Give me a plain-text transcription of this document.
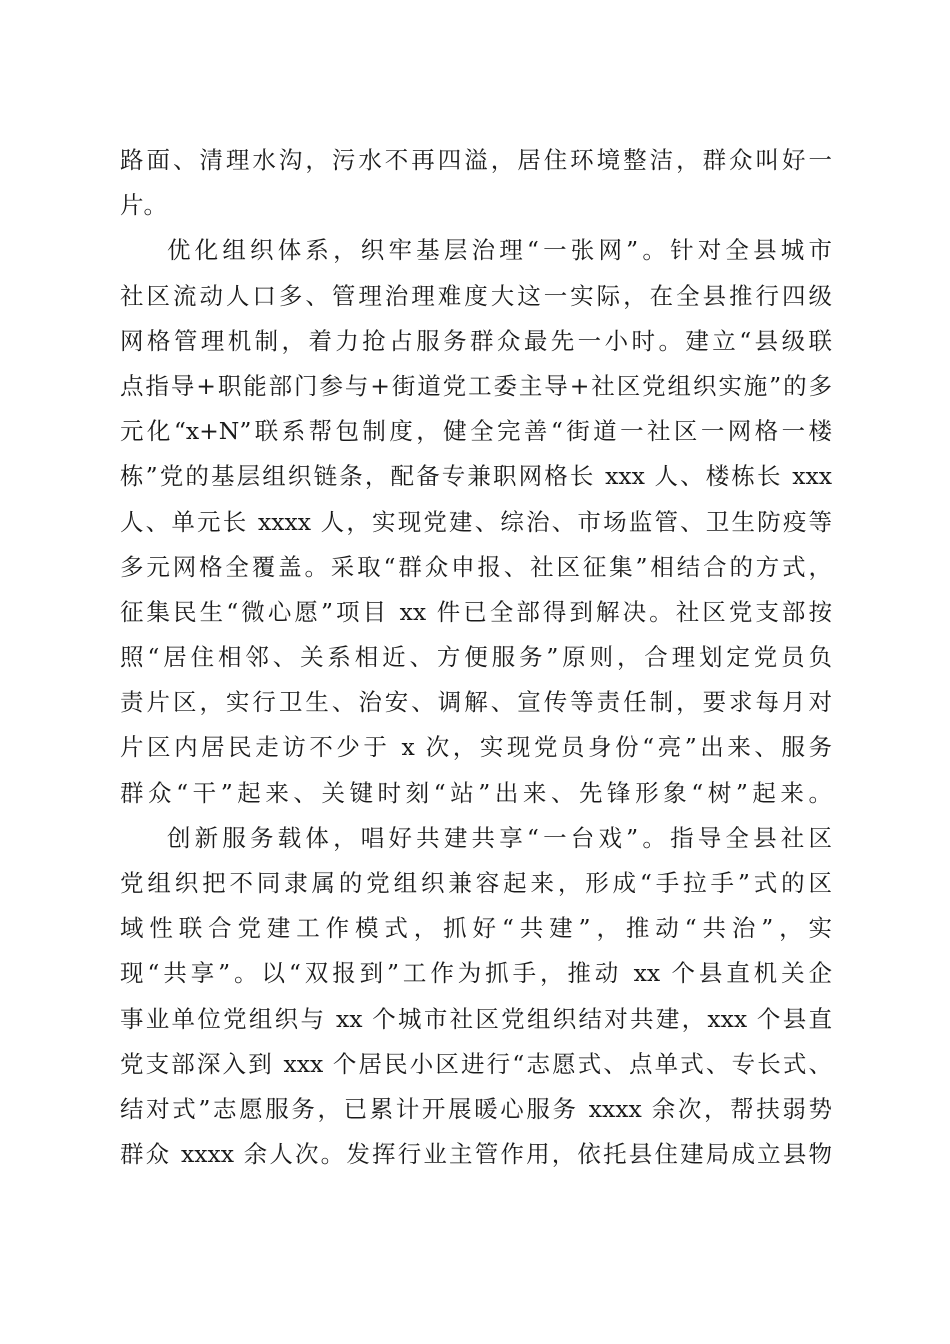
路面、清理水沟，污水不再四溢，居住环境整洁，群众叫好一
片。
优化组织体系，织牢基层治理“一张网”。针对全县城市
社区流动人口多、管理治理难度大这一实际，在全县推行四级
网格管理机制，着力抢占服务群众最先一小时。建立“县级联
点指导+职能部门参与+街道党工委主导+社区党组织实施”的多
元化“x+N”联系帮包制度，健全完善“街道一社区一网格一楼
栋”党的基层组织链条，配备专兼职网格长 xxx 人、楼栋长 xxx
人、单元长 xxxx 人，实现党建、综治、市场监管、卫生防疫等
多元网格全覆盖。采取“群众申报、社区征集”相结合的方式，
征集民生“微心愿”项目 xx 件已全部得到解决。社区党支部按
照“居住相邻、关系相近、方便服务”原则，合理划定党员负
责片区，实行卫生、治安、调解、宣传等责任制，要求每月对
片区内居民走访不少于 x 次，实现党员身份“亮”出来、服务
群众“干”起来、关键时刻“站”出来、先锋形象“树”起来。
创新服务载体，唱好共建共享“一台戏”。指导全县社区
党组织把不同隶属的党组织兼容起来，形成“手拉手”式的区
域性联合党建工作模式，抓好“共建”，推动“共治”，实
现“共享”。以“双报到”工作为抓手，推动 xx 个县直机关企
事业单位党组织与 xx 个城市社区党组织结对共建，xxx 个县直
党支部深入到 xxx 个居民小区进行“志愿式、点单式、专长式、
结对式”志愿服务，已累计开展暖心服务 xxxx 余次，帮扶弱势
群众 xxxx 余人次。发挥行业主管作用，依托县住建局成立县物
